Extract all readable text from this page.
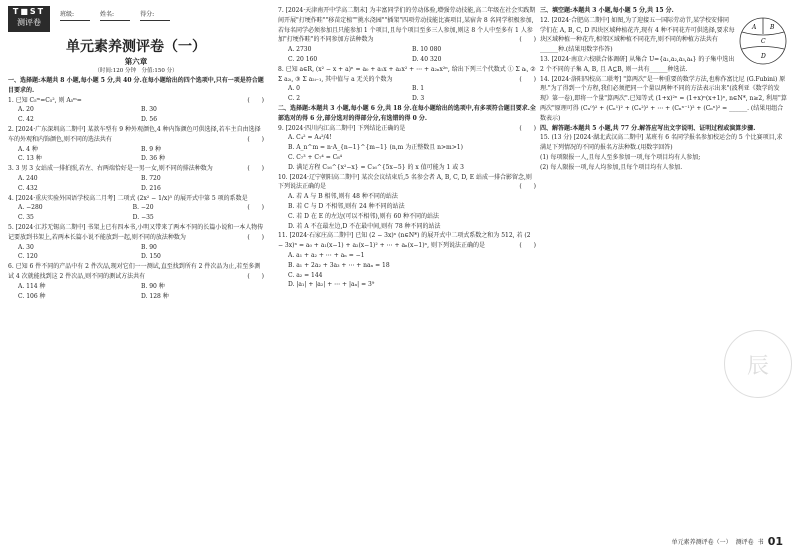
T■ST
测评卷
班级:	姓名:	得分:
单元素养测评卷（一）
第六章
（时间:120 分钟　分值:150 分）
一、选择题:本题共 8 小题,每小题 5 分,共 40 分.在每小题给出的四个选项中,只有一项是符合题目要求的.
1. 已知 C₅ᵐ=C₅², 则 A₅ᵐ=	(　　)
A. 20	B. 30
C. 42	D. 56
2. [2024·广东深圳高二期中] 某款车型有 9 种外观颜色,4 种内饰颜色可供选择,若车主自由选择车的外观和内饰颜色,则不同的选法共有	(　　)
A. 4 种	B. 9 种
C. 13 种	D. 36 种
3. 3 男 3 女站成一排拍照,若左、右两端恰好是一男一女,则不同的排法种数为	(　　)
A. 240	B. 720
C. 432	D. 216
4. [2024·重庆实验外国语学校高二月考] 二项式 (2x² − 1/x)⁵ 的展开式中第 5 项的系数是
(　　)
A. −280	B. −20
C. 35	D. −35
5. [2024·江苏无锡高二期中] 书架上已有四本书,小明又带来了两本不同的长篇小说和一本人物传记要放到书架上,若两本长篇小说不能放到一起,则不同的放法种数为	(　　)
A. 30	B. 90
C. 120	D. 150
6. 已知 6 件不同的产品中有 2 件次品,现对它们一一测试,直至找到所有 2 件次品为止,若至多测试 4 次就能找到这 2 件次品,则不同的测试方法共有	(　　)
A. 114 种	B. 90 种
C. 106 种	D. 128 种
7. [2024·天津南开中学高二期末] 为丰富同学们的劳动体验,增强劳动技能,高二年级在社会实践期间开展"打埂作畦""移苗定植""挑水浇园""插架"四项劳动技能比赛项目,某宿舍 8 名同学积极参加,若每名同学必须参加且只能参加 1 个项目,且每个项目至多三人参加,则这 8 个人中至多有 1 人参加"打埂作畦"的不同参加方法种数为	(　　)
A. 2730	B. 10 080
C. 20 160	D. 40 320
8. 已知 a∈R, (x² − x + a)ⁿ = a₀ + a₁x + a₂x² + ⋯ + a₂ₙx²ⁿ, 给出下列三个代数式 ① Σ aᵢ, ② Σ a₂ᵢ, ③ Σ a₂ᵢ₋₁, 其中值与 a 无关的个数为	(　　)
A. 0	B. 1
C. 2	D. 3
二、选择题:本题共 3 小题,每小题 6 分,共 18 分.在每小题给出的选项中,有多项符合题目要求.全部选对的得 6 分,部分选对的得部分分,有选错的得 0 分.
9. [2024·四川内江高二期中] 下列结论正确的是	(　　)
A. C₄² = A₄²/4!
B. A_n^m = n·A_{n−1}^{m−1} (n,m 为正整数且 n>m>1)
C. C₇³ + C₇⁴ = C₈⁴
D. 满足方程 C₁₆^{x²−x} = C₁₆^{5x−5} 的 x 值可能为 1 或 3
10. [2024·辽宁朝阳高二期中] 某次会议结束后,5 名参会者 A, B, C, D, E 站成一排合影留念,则下列说法正确的是	(　　)
A. 若 A 与 B 相邻,则有 48 种不同的站法
B. 若 C 与 D 不相邻,则有 24 种不同的站法
C. 若 D 在 E 的左边(可以不相邻),则有 60 种不同的站法
D. 若 A 不在最左边,D 不在最中间,则有 78 种不同的站法
11. [2024·石家庄高二期中] 已知 (2 − 3x)ⁿ (n∈N*) 的展开式中二项式系数之和为 512, 若 (2 − 3x)ⁿ = a₀ + a₁(x−1) + a₂(x−1)² + ⋯ + aₙ(x−1)ⁿ, 则下列说法正确的是	(　　)
A. a₁ + a₂ + ⋯ + aₙ = −1
B. a₁ + 2a₂ + 3a₃ + ⋯ + naₙ = 18
C. a₂ = 144
D. |a₁| + |a₂| + ⋯ + |aₙ| = 3⁹
三、填空题:本题共 3 小题,每小题 5 分,共 15 分.
A B
C
D
12. [2024·合肥高二期中] 如图,为了迎接五一国际劳动节,某学校安排同学们在 A, B, C, D 四块区域种植花卉,现有 4 种不同花卉可供选择,要求每块区域种植一种花卉,相邻区域种植不同花卉,则不同的种植方法共有______种.(结果用数字作答)
13. [2024·南京六校联合体调研] 从集合 U={a₁,a₂,a₃,a₄} 的子集中选出 2 个不同的子集 A, B, 且 A⊆B, 则一共有______种选法.
14. [2024·洛阳四校高二联考] "算两次"是一种重要的数学方法,也称作富比尼 (G.Fubini) 原理."为了得到一个方程,我们必须把同一个量以两种不同的方法表示出来"(波利亚《数学的发现》第一卷),即将一个量"算两次".已知等式 (1+x)²ⁿ = (1+x)ⁿ(x+1)ⁿ, n∈N*, n≥2, 利用"算两次"原理可得 (Cₙ⁰)² + (Cₙ¹)² + (Cₙ²)² + ⋯ + (Cₙⁿ⁻¹)² + (Cₙⁿ)² = ______. (结果用组合数表示)
四、解答题:本题共 5 小题,共 77 分.解答应写出文字说明、证明过程或演算步骤.
15. (13 分) [2024·湖北武汉高二期中] 某班有 6 名同学报名参加校运会的 5 个比赛项目,求满足下列情况的不同的报名方法种数.(用数字回答)
(1) 每项限报一人,且每人至多参加一项,每个项目均有人参加;
(2) 每人限报一项,每人均参加,且每个项目均有人参加.
辰
单元素养测评卷（一） 测评卷 书 01
